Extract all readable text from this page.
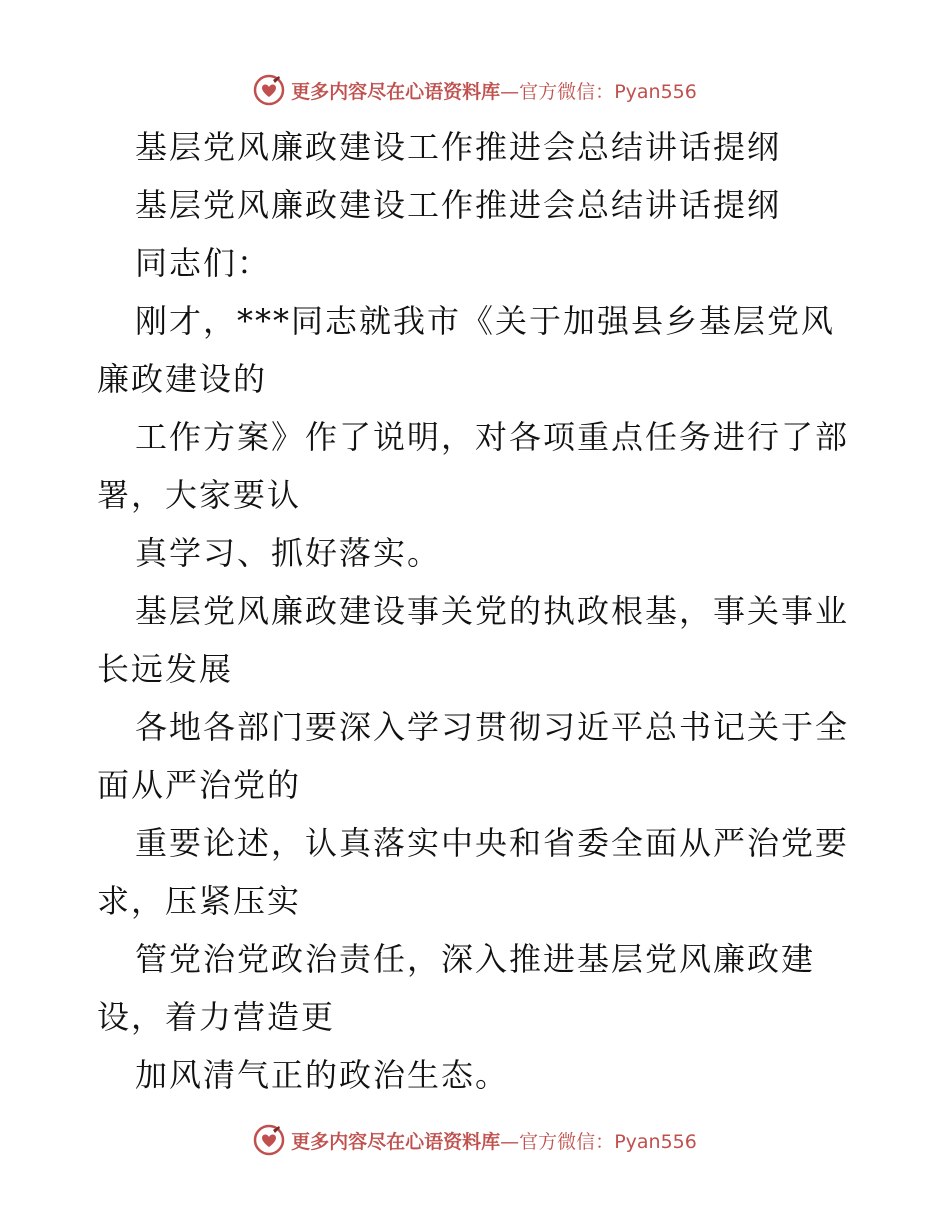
更多内容尽在心语资料库—官方微信：Pyan556

基层党风廉政建设工作推进会总结讲话提纲

基层党风廉政建设工作推进会总结讲话提纲

同志们：

刚才，***同志就我市《关于加强县乡基层党风

廉政建设的

工作方案》作了说明，对各项重点任务进行了部

署，大家要认

真学习、抓好落实。

基层党风廉政建设事关党的执政根基，事关事业

长远发展

各地各部门要深入学习贯彻习近平总书记关于全

面从严治党的

重要论述，认真落实中央和省委全面从严治党要

求，压紧压实

管党治党政治责任，深入推进基层党风廉政建

设，着力营造更

加风清气正的政治生态。

更多内容尽在心语资料库—官方微信：Pyan556
